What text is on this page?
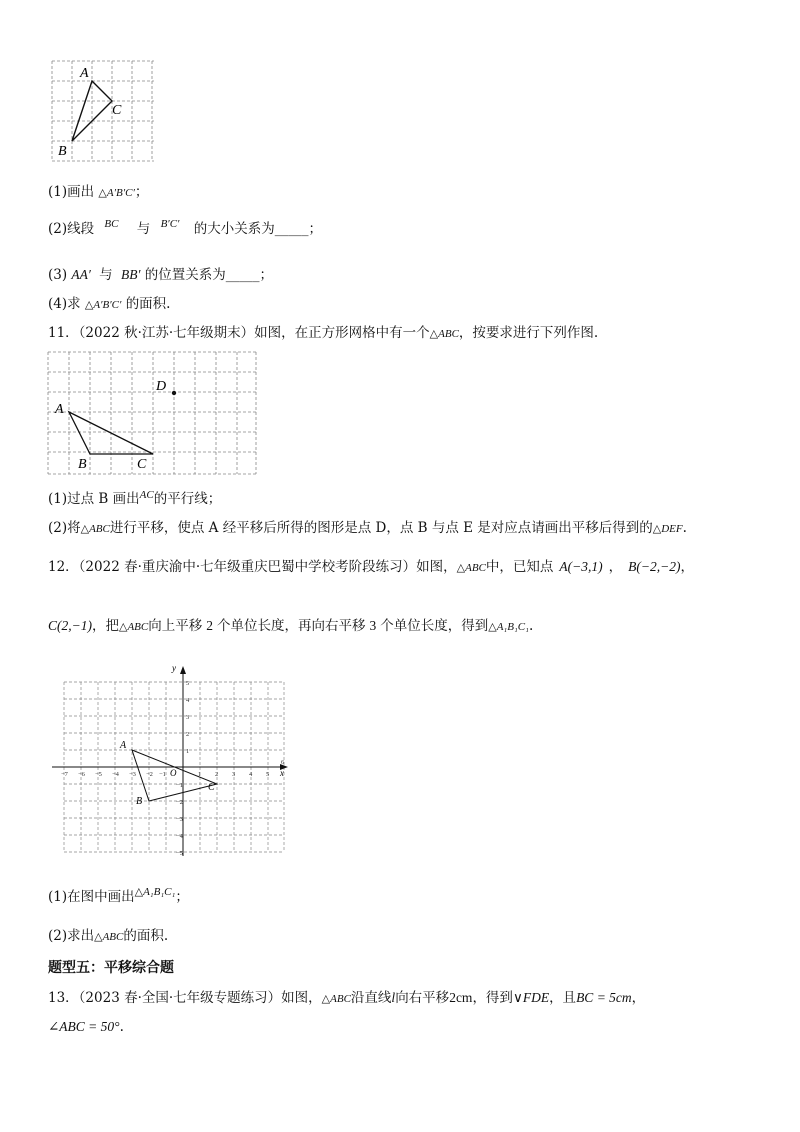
A
C
B
(1)画出 △A′B′C′；
(2)线段 $^{BC}$ 与 $^{B'C'}$ 的大小关系为_____；
(3) AA′ 与 BB′ 的位置关系为_____；
(4)求 △A′B′C′ 的面积.
11．（2022 秋·江苏·七年级期末）如图，在正方形网格中有一个△ABC，按要求进行下列作图.
D
A
B	C
(1)过点 B 画出$^{AC}$的平行线；
(2)将△ABC进行平移，使点 A 经平移后所得的图形是点 D，点 B 与点 E 是对应点请画出平移后得到的△DEF.
12．（2022 春·重庆渝中·七年级重庆巴蜀中学校考阶段练习）如图，△ABC中，已知点 A(−3,1) ， B(−2,−2)，
C(2,−1)，把△ABC向上平移 2 个单位长度，再向右平移 3 个单位长度，得到△A₁B₁C₁.
y
x
O
−7 −6 −5 −4 −3 −2 −1	1 2 3 4 5
6
5
4
3
2
1
−1
−2
−3
−4
−5
A
B
C
(1)在图中画出$^{\triangle A_1B_1C_1}$；
(2)求出△ABC的面积.
题型五：平移综合题
13．（2023 春·全国·七年级专题练习）如图，△ABC沿直线l向右平移2cm，得到∨FDE，且BC = 5cm，
∠ABC = 50°.
